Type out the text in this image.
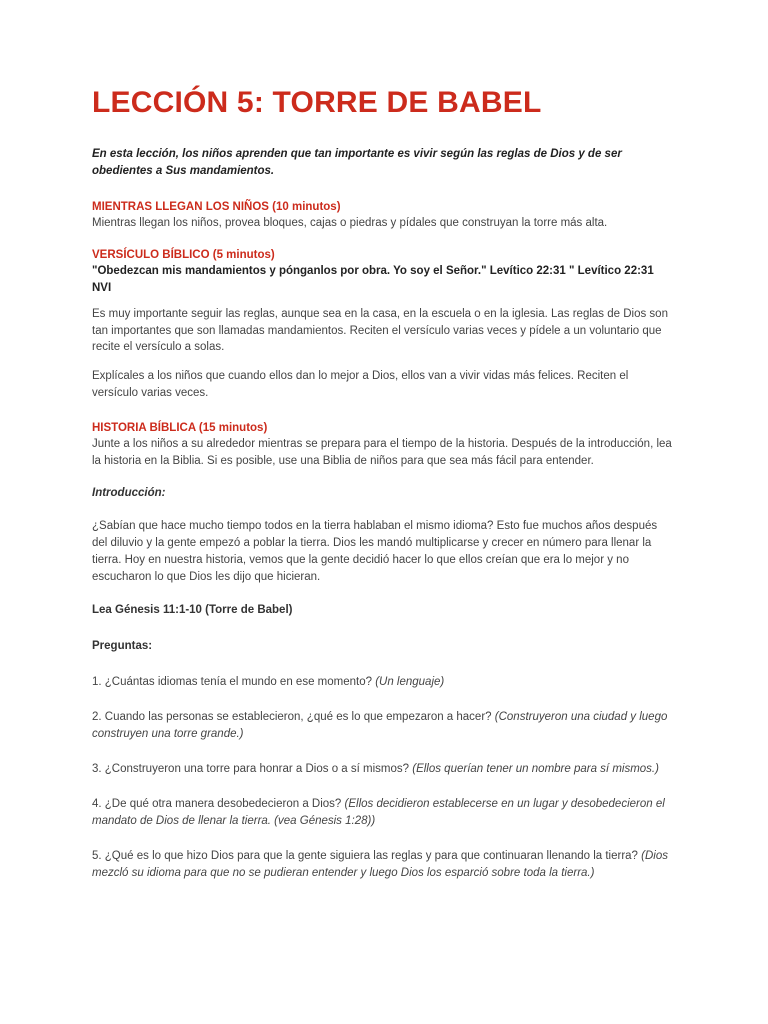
LECCIÓN 5: TORRE DE BABEL
En esta lección, los niños aprenden que tan importante es vivir según las reglas de Dios y de ser obedientes a Sus mandamientos.
MIENTRAS LLEGAN LOS NIÑOS (10 minutos)
Mientras llegan los niños, provea bloques, cajas o piedras y pídales que construyan la torre más alta.
VERSÍCULO BÍBLICO (5 minutos)
"Obedezcan mis mandamientos y pónganlos por obra. Yo soy el Señor." Levítico 22:31 " Levítico 22:31 NVI
Es muy importante seguir las reglas, aunque sea en la casa, en la escuela o en la iglesia. Las reglas de Dios son tan importantes que son llamadas mandamientos. Reciten el versículo varias veces y pídele a un voluntario que recite el versículo a solas.
Explícales a los niños que cuando ellos dan lo mejor a Dios, ellos van a vivir vidas más felices. Reciten el versículo varias veces.
HISTORIA BÍBLICA (15 minutos)
Junte a los niños a su alrededor mientras se prepara para el tiempo de la historia. Después de la introducción, lea la historia en la Biblia. Si es posible, use una Biblia de niños para que sea más fácil para entender.
Introducción:
¿Sabían que hace mucho tiempo todos en la tierra hablaban el mismo idioma? Esto fue muchos años después del diluvio y la gente empezó a poblar la tierra. Dios les mandó multiplicarse y crecer en número para llenar la tierra. Hoy en nuestra historia, vemos que la gente decidió hacer lo que ellos creían que era lo mejor y no escucharon lo que Dios les dijo que hicieran.
Lea Génesis 11:1-10 (Torre de Babel)
Preguntas:
1. ¿Cuántas idiomas tenía el mundo en ese momento? (Un lenguaje)
2. Cuando las personas se establecieron, ¿qué es lo que empezaron a hacer? (Construyeron una ciudad y luego construyen una torre grande.)
3. ¿Construyeron una torre para honrar a Dios o a sí mismos? (Ellos querían tener un nombre para sí mismos.)
4. ¿De qué otra manera desobedecieron a Dios? (Ellos decidieron establecerse en un lugar y desobedecieron el mandato de Dios de llenar la tierra. (vea Génesis 1:28))
5. ¿Qué es lo que hizo Dios para que la gente siguiera las reglas y para que continuaran llenando la tierra? (Dios mezcló su idioma para que no se pudieran entender y luego Dios los esparció sobre toda la tierra.)
